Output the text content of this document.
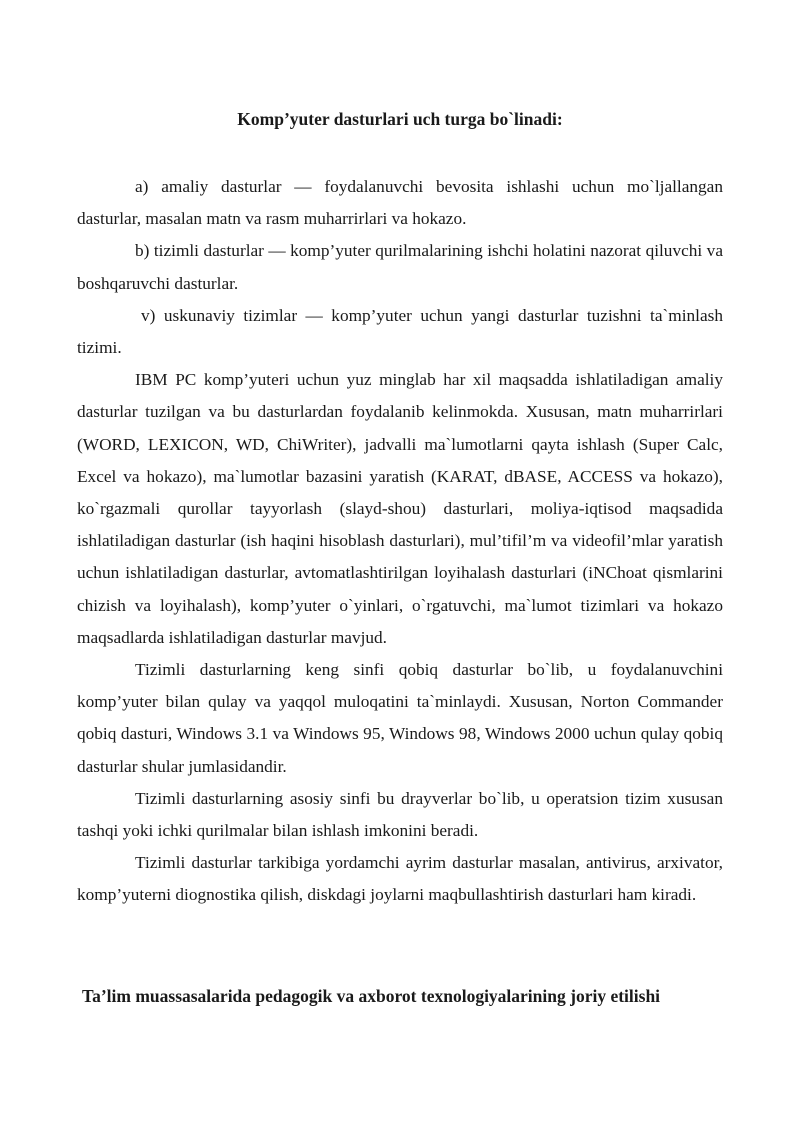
Komp’yuter dasturlari uch turga bo`linadi:

a) amaliy dasturlar — foydalanuvchi bevosita ishlashi uchun mo`ljallangan dasturlar, masalan matn va rasm muharrirlari va hokazo.

b) tizimli dasturlar — komp’yuter qurilmalarining ishchi holatini nazorat qiluvchi va boshqaruvchi dasturlar.

v) uskunaviy tizimlar — komp’yuter uchun yangi dasturlar tuzishni ta`minlash tizimi.

IBM PC komp’yuteri uchun yuz minglab har xil maqsadda ishlatiladigan amaliy dasturlar tuzilgan va bu dasturlardan foydalanib kelinmokda. Xususan, matn muharrirlari (WORD, LEXICON, WD, ChiWriter), jadvalli ma`lumotlarni qayta ishlash (Super Calc, Excel va hokazo), ma`lumotlar bazasini yaratish (KARAT, dBASE, ACCESS va hokazo), ko`rgazmali qurollar tayyorlash (slayd-shou) dasturlari, moliya-iqtisod maqsadida ishlatiladigan dasturlar (ish haqini hisoblash dasturlari), mul’tifil’m va videofil’mlar yaratish uchun ishlatiladigan dasturlar, avtomatlashtirilgan loyihalash dasturlari (iNChoat qismlarini chizish va loyihalash), komp’yuter o`yinlari, o`rgatuvchi, ma`lumot tizimlari va hokazo maqsadlarda ishlatiladigan dasturlar mavjud.

Tizimli dasturlarning keng sinfi qobiq dasturlar bo`lib, u foydalanuvchini komp’yuter bilan qulay va yaqqol muloqatini ta`minlaydi. Xususan, Norton Commander qobiq dasturi, Windows 3.1 va Windows 95, Windows 98, Windows 2000 uchun qulay qobiq dasturlar shular jumlasidandir.

Tizimli dasturlarning asosiy sinfi bu drayverlar bo`lib, u operatsion tizim xususan tashqi yoki ichki qurilmalar bilan ishlash imkonini beradi.

Tizimli dasturlar tarkibiga yordamchi ayrim dasturlar masalan, antivirus, arxivator, komp’yuterni diognostika qilish, diskdagi joylarni maqbullashtirish dasturlari ham kiradi.

Ta’lim muassasalarida pedagogik va axborot texnologiyalarining joriy etilishi
